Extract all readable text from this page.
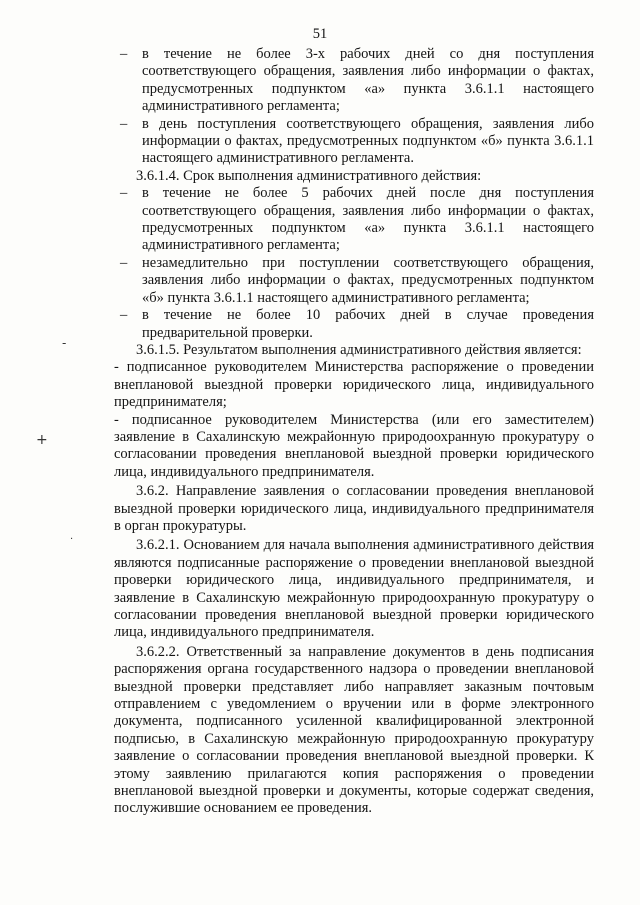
51
-
+
·
– в течение не более 3-х рабочих дней со дня поступления соответствующего обращения, заявления либо информации о фактах, предусмотренных подпунктом «а» пункта 3.6.1.1 настоящего административного регламента;
– в день поступления соответствующего обращения, заявления либо информации о фактах, предусмотренных подпунктом «б» пункта 3.6.1.1 настоящего административного регламента.
3.6.1.4. Срок выполнения административного действия:
– в течение не более 5 рабочих дней после дня поступления соответствующего обращения, заявления либо информации о фактах, предусмотренных подпунктом «а» пункта 3.6.1.1 настоящего административного регламента;
– незамедлительно при поступлении соответствующего обращения, заявления либо информации о фактах, предусмотренных подпунктом «б» пункта 3.6.1.1 настоящего административного регламента;
– в течение не более 10 рабочих дней в случае проведения предварительной проверки.
3.6.1.5. Результатом выполнения административного действия является:
- подписанное руководителем Министерства распоряжение о проведении внеплановой выездной проверки юридического лица, индивидуального предпринимателя;
- подписанное руководителем Министерства (или его заместителем) заявление в Сахалинскую межрайонную природоохранную прокуратуру о согласовании проведения внеплановой выездной проверки юридического лица, индивидуального предпринимателя.
3.6.2. Направление заявления о согласовании проведения внеплановой выездной проверки юридического лица, индивидуального предпринимателя в орган прокуратуры.
3.6.2.1. Основанием для начала выполнения административного действия являются подписанные распоряжение о проведении внеплановой выездной проверки юридического лица, индивидуального предпринимателя, и заявление в Сахалинскую межрайонную природоохранную прокуратуру о согласовании проведения внеплановой выездной проверки юридического лица, индивидуального предпринимателя.
3.6.2.2. Ответственный за направление документов в день подписания распоряжения органа государственного надзора о проведении внеплановой выездной проверки представляет либо направляет заказным почтовым отправлением с уведомлением о вручении или в форме электронного документа, подписанного усиленной квалифицированной электронной подписью, в Сахалинскую межрайонную природоохранную прокуратуру заявление о согласовании проведения внеплановой выездной проверки. К этому заявлению прилагаются копия распоряжения о проведении внеплановой выездной проверки и документы, которые содержат сведения, послужившие основанием ее проведения.
